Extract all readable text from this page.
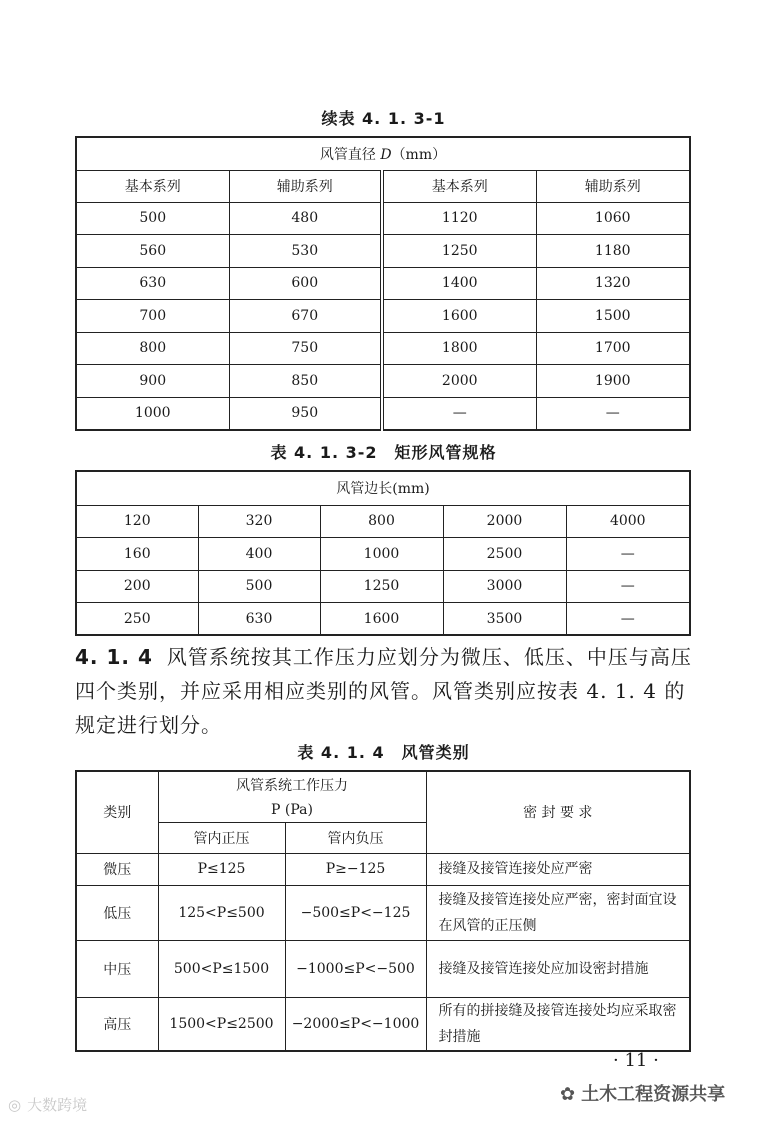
续表 4. 1. 3-1
风管直径 D（mm）			
基本系列	辅助系列	基本系列	辅助系列
500	480	1120	1060
560	530	1250	1180
630	600	1400	1320
700	670	1600	1500
800	750	1800	1700
900	850	2000	1900
1000	950	—	—
表 4. 1. 3-2　矩形风管规格
风管边长(mm)				
120	320	800	2000	4000
160	400	1000	2500	—
200	500	1250	3000	—
250	630	1600	3500	—
4. 1. 4 风管系统按其工作压力应划分为微压、低压、中压与高压四个类别，并应采用相应类别的风管。风管类别应按表 4. 1. 4 的规定进行划分。
表 4. 1. 4　风管类别
类别	风管系统工作压力		密 封 要 求
	P (Pa)		
	管内正压	管内负压	
微压	P≤125	P≥−125	接缝及接管连接处应严密
低压	125<P≤500	−500≤P<−125	接缝及接管连接处应严密，密封面宜设在风管的正压侧
中压	500<P≤1500	−1000≤P<−500	接缝及接管连接处应加设密封措施
高压	1500<P≤2500	−2000≤P<−1000	所有的拼接缝及接管连接处均应采取密封措施
· 11 ·
✿ 土木工程资源共享
◎ 大数跨境
